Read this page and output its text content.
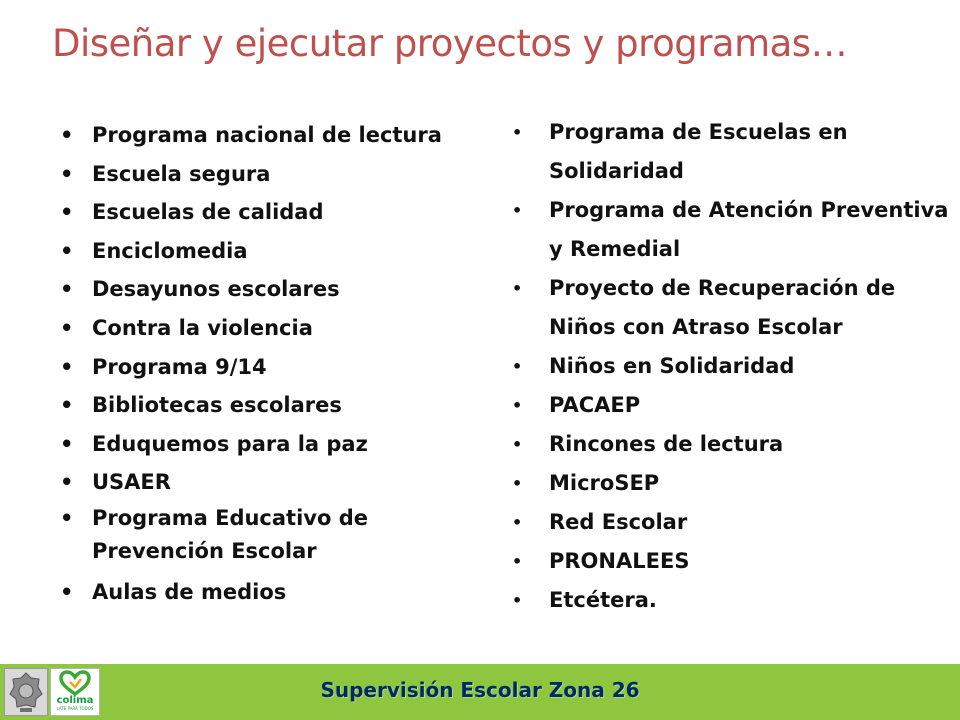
Diseñar y ejecutar proyectos y programas…
• Programa nacional de lectura
• Escuela segura
• Escuelas de calidad
• Enciclomedia
• Desayunos escolares
• Contra la violencia
• Programa 9/14
• Bibliotecas escolares
• Eduquemos para la paz
• USAER
• Programa Educativo de Prevención Escolar
• Aulas de medios
• Programa de Escuelas en Solidaridad
• Programa de Atención Preventiva y Remedial
• Proyecto de Recuperación de Niños con Atraso Escolar
• Niños en Solidaridad
• PACAEP
• Rincones de lectura
• MicroSEP
• Red Escolar
• PRONALEES
• Etcétera.
Supervisión Escolar Zona 26
colima
LATE PARA TODOS
